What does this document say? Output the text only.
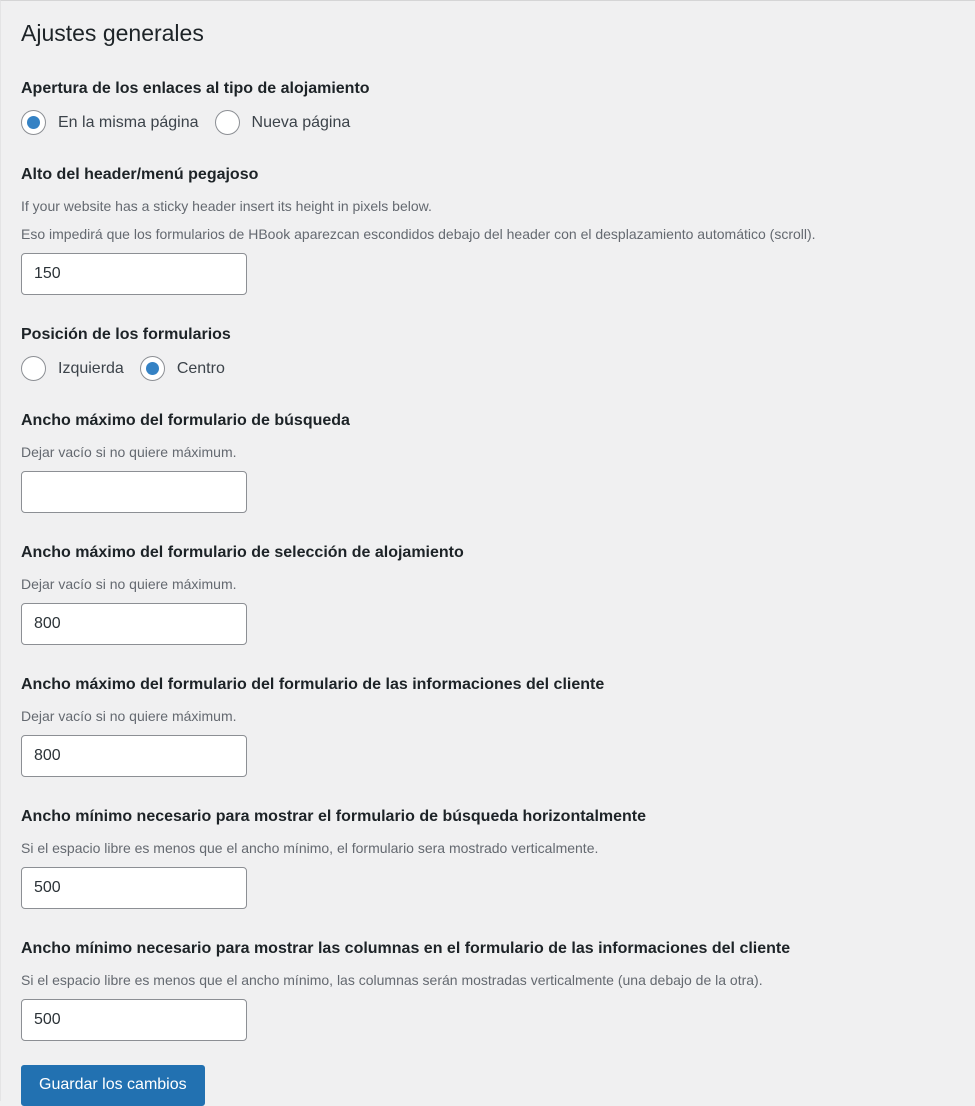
Ajustes generales

Apertura de los enlaces al tipo de alojamiento

En la misma página	Nueva página

Alto del header/menú pegajoso

If your website has a sticky header insert its height in pixels below.

Eso impedirá que los formularios de HBook aparezcan escondidos debajo del header con el desplazamiento automático (scroll).

150

Posición de los formularios

Izquierda	Centro

Ancho máximo del formulario de búsqueda

Dejar vacío si no quiere máximum.

Ancho máximo del formulario de selección de alojamiento

Dejar vacío si no quiere máximum.

800

Ancho máximo del formulario del formulario de las informaciones del cliente

Dejar vacío si no quiere máximum.

800

Ancho mínimo necesario para mostrar el formulario de búsqueda horizontalmente

Si el espacio libre es menos que el ancho mínimo, el formulario sera mostrado verticalmente.

500

Ancho mínimo necesario para mostrar las columnas en el formulario de las informaciones del cliente

Si el espacio libre es menos que el ancho mínimo, las columnas serán mostradas verticalmente (una debajo de la otra).

500
Guardar los cambios
